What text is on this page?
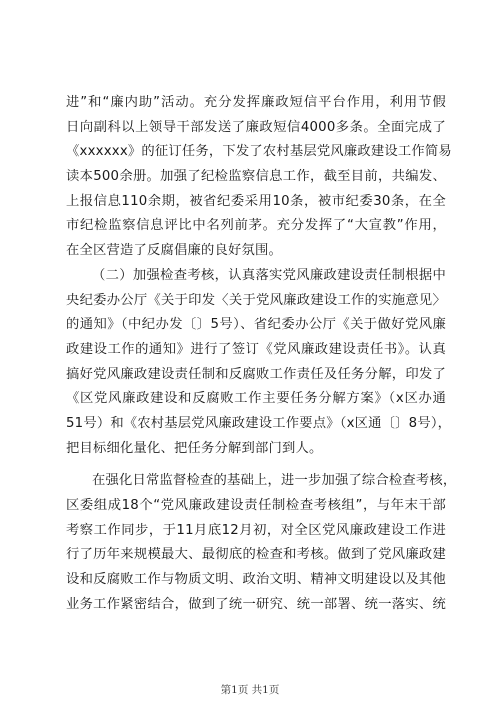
进”和“廉内助”活动。充分发挥廉政短信平台作用，利用节假
日向副科以上领导干部发送了廉政短信4000多条。全面完成了
《xxxxxx》的征订任务，下发了农村基层党风廉政建设工作简易
读本500余册。加强了纪检监察信息工作，截至目前，共编发、
上报信息110余期，被省纪委采用10条，被市纪委30条，在全
市纪检监察信息评比中名列前茅。充分发挥了“大宣教”作用，
在全区营造了反腐倡廉的良好氛围。
（二）加强检查考核，认真落实党风廉政建设责任制根据中
央纪委办公厅《关于印发〈关于党风廉政建设工作的实施意见〉
的通知》（中纪办发〔〕5号）、省纪委办公厅《关于做好党风廉
政建设工作的通知》进行了签订《党风廉政建设责任书》。认真
搞好党风廉政建设责任制和反腐败工作责任及任务分解，印发了
《区党风廉政建设和反腐败工作主要任务分解方案》（x区办通
51号）和《农村基层党风廉政建设工作要点》（x区通〔〕8号），
把目标细化量化、把任务分解到部门到人。
在强化日常监督检查的基础上，进一步加强了综合检查考核，
区委组成18个“党风廉政建设责任制检查考核组”，与年末干部
考察工作同步，于11月底12月初，对全区党风廉政建设工作进
行了历年来规模最大、最彻底的检查和考核。做到了党风廉政建
设和反腐败工作与物质文明、政治文明、精神文明建设以及其他
业务工作紧密结合，做到了统一研究、统一部署、统一落实、统
第1页 共1页
